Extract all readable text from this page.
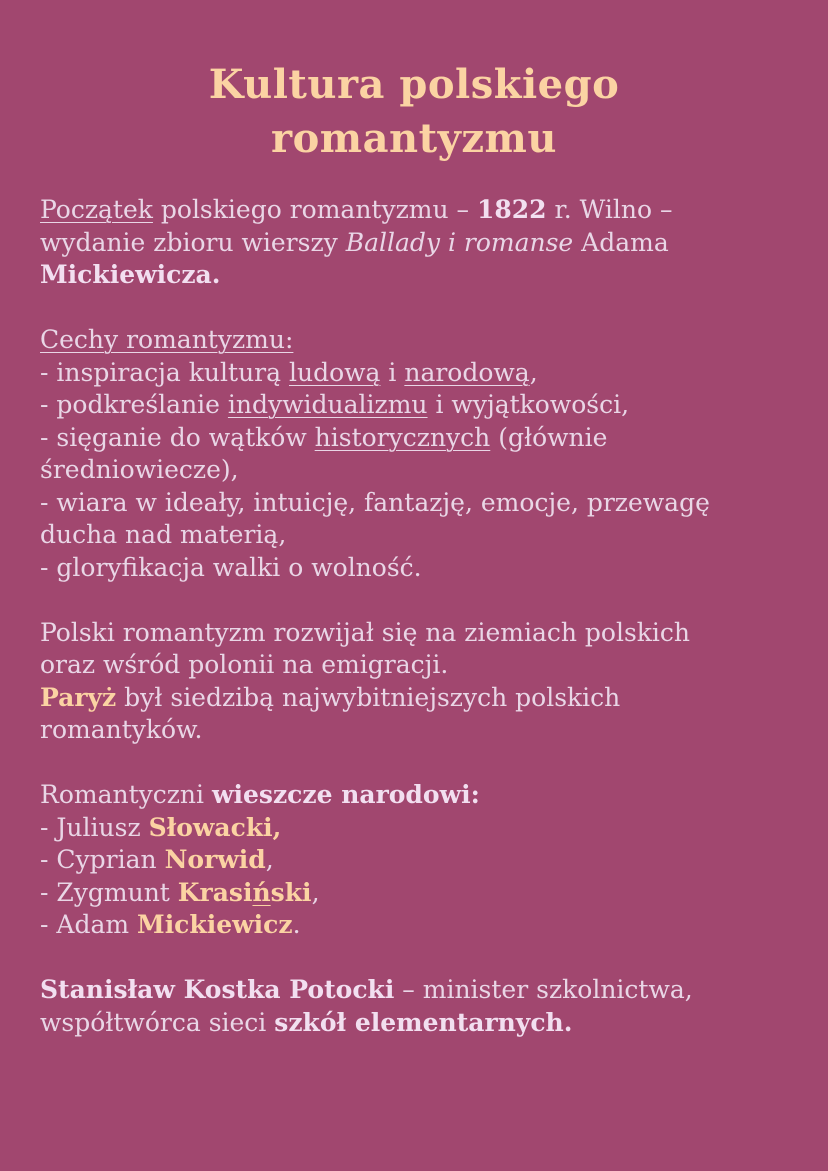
Kultura polskiego
romantyzmu

Początek polskiego romantyzmu – 1822 r. Wilno –
wydanie zbioru wierszy Ballady i romanse Adama
Mickiewicza.

Cechy romantyzmu:
- inspiracja kulturą ludową i narodową,
- podkreślanie indywidualizmu i wyjątkowości,
- sięganie do wątków historycznych (głównie
średniowiecze),
- wiara w ideały, intuicję, fantazję, emocje, przewagę
ducha nad materią,
- gloryfikacja walki o wolność.

Polski romantyzm rozwijał się na ziemiach polskich
oraz wśród polonii na emigracji.
Paryż był siedzibą najwybitniejszych polskich
romantyków.

Romantyczni wieszcze narodowi:
- Juliusz Słowacki,
- Cyprian Norwid,
- Zygmunt Krasiński,
- Adam Mickiewicz.

Stanisław Kostka Potocki – minister szkolnictwa,
współtwórca sieci szkół elementarnych.
